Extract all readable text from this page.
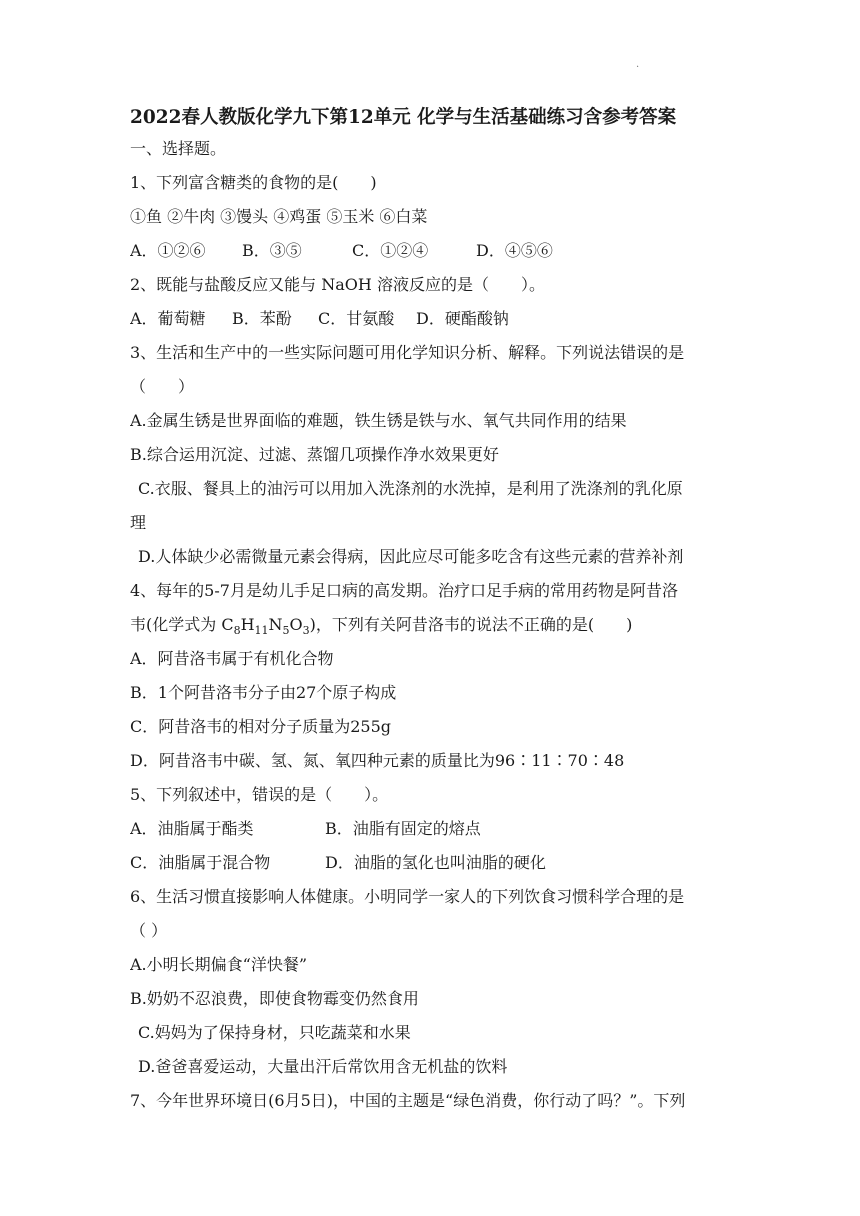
.
2022春人教版化学九下第12单元 化学与生活基础练习含参考答案
一、选择题。
1、下列富含糖类的食物的是(　　)
①鱼 ②牛肉 ③馒头 ④鸡蛋 ⑤玉米 ⑥白菜
A．①②⑥ B．③⑤	C．①②④	D．④⑤⑥
2、既能与盐酸反应又能与 NaOH 溶液反应的是（　　）。
A．葡萄糖 B．苯酚 C．甘氨酸 D．硬酯酸钠
3、生活和生产中的一些实际问题可用化学知识分析、解释。下列说法错误的是
（　　）
A.金属生锈是世界面临的难题，铁生锈是铁与水、氧气共同作用的结果
B.综合运用沉淀、过滤、蒸馏几项操作净水效果更好
C.衣服、餐具上的油污可以用加入洗涤剂的水洗掉，是利用了洗涤剂的乳化原
理
D.人体缺少必需微量元素会得病，因此应尽可能多吃含有这些元素的营养补剂
4、每年的5-7月是幼儿手足口病的高发期。治疗口足手病的常用药物是阿昔洛
韦(化学式为 $C_8H_{11}N_5O_3$)，下列有关阿昔洛韦的说法不正确的是(　　)
A．阿昔洛韦属于有机化合物
B．1个阿昔洛韦分子由27个原子构成
C．阿昔洛韦的相对分子质量为255g
D．阿昔洛韦中碳、氢、氮、氧四种元素的质量比为96∶11∶70∶48
5、下列叙述中，错误的是（　　）。
A．油脂属于酯类	B．油脂有固定的熔点
C．油脂属于混合物	D．油脂的氢化也叫油脂的硬化
6、生活习惯直接影响人体健康。小明同学一家人的下列饮食习惯科学合理的是
（ ）
A.小明长期偏食“洋快餐”
B.奶奶不忍浪费，即使食物霉变仍然食用
C.妈妈为了保持身材，只吃蔬菜和水果
D.爸爸喜爱运动，大量出汗后常饮用含无机盐的饮料
7、今年世界环境日(6月5日)，中国的主题是“绿色消费，你行动了吗？”。下列
